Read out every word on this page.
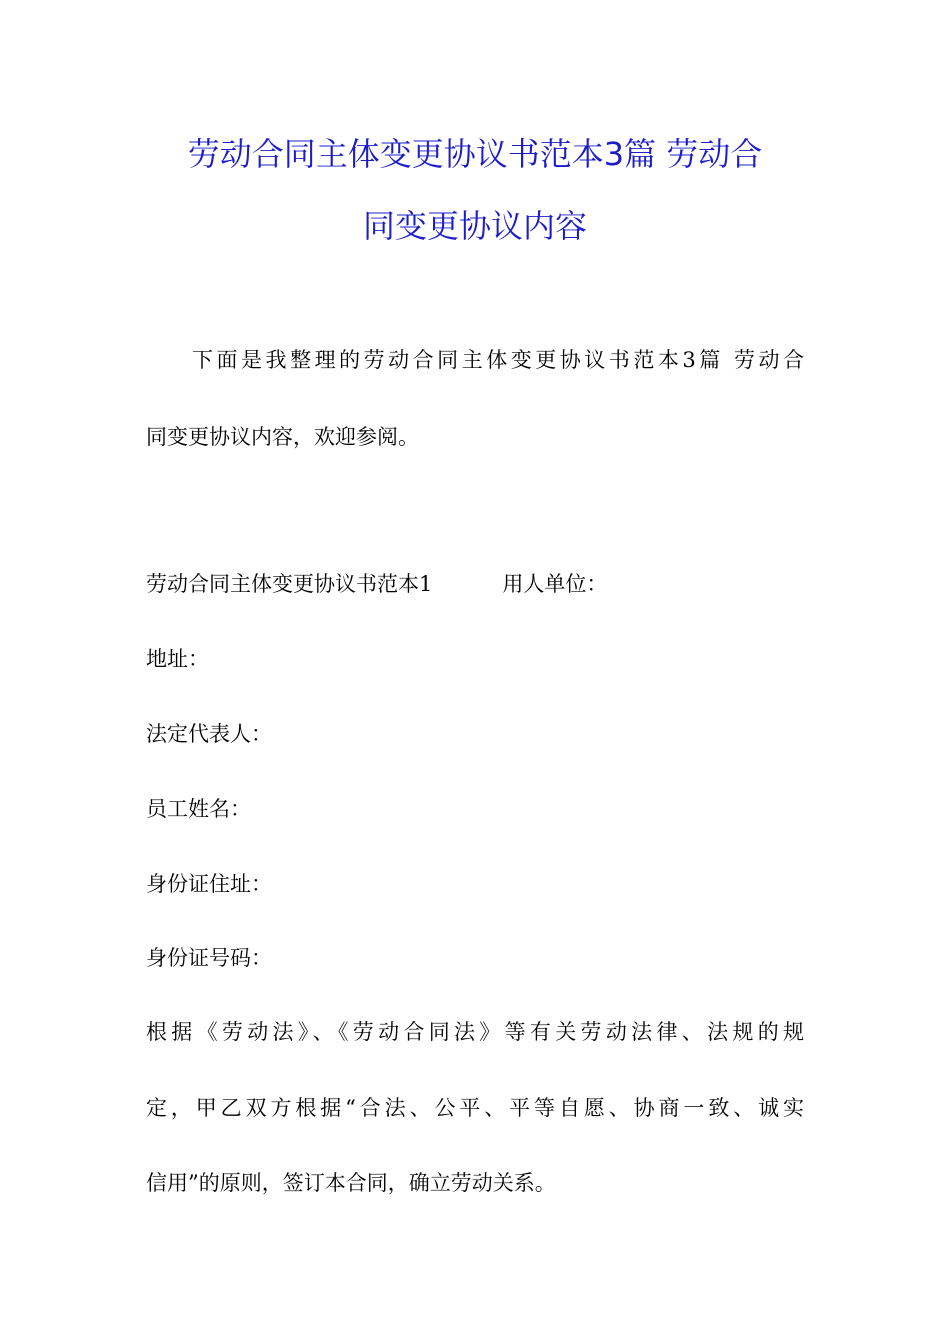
劳动合同主体变更协议书范本3篇 劳动合
同变更协议内容
下面是我整理的劳动合同主体变更协议书范本3篇 劳动合
同变更协议内容，欢迎参阅。
劳动合同主体变更协议书范本1	用人单位：
地址：
法定代表人：
员工姓名：
身份证住址：
身份证号码：
根据《劳动法》、《劳动合同法》等有关劳动法律、法规的规
定，甲乙双方根据“合法、公平、平等自愿、协商一致、诚实
信用”的原则，签订本合同，确立劳动关系。
